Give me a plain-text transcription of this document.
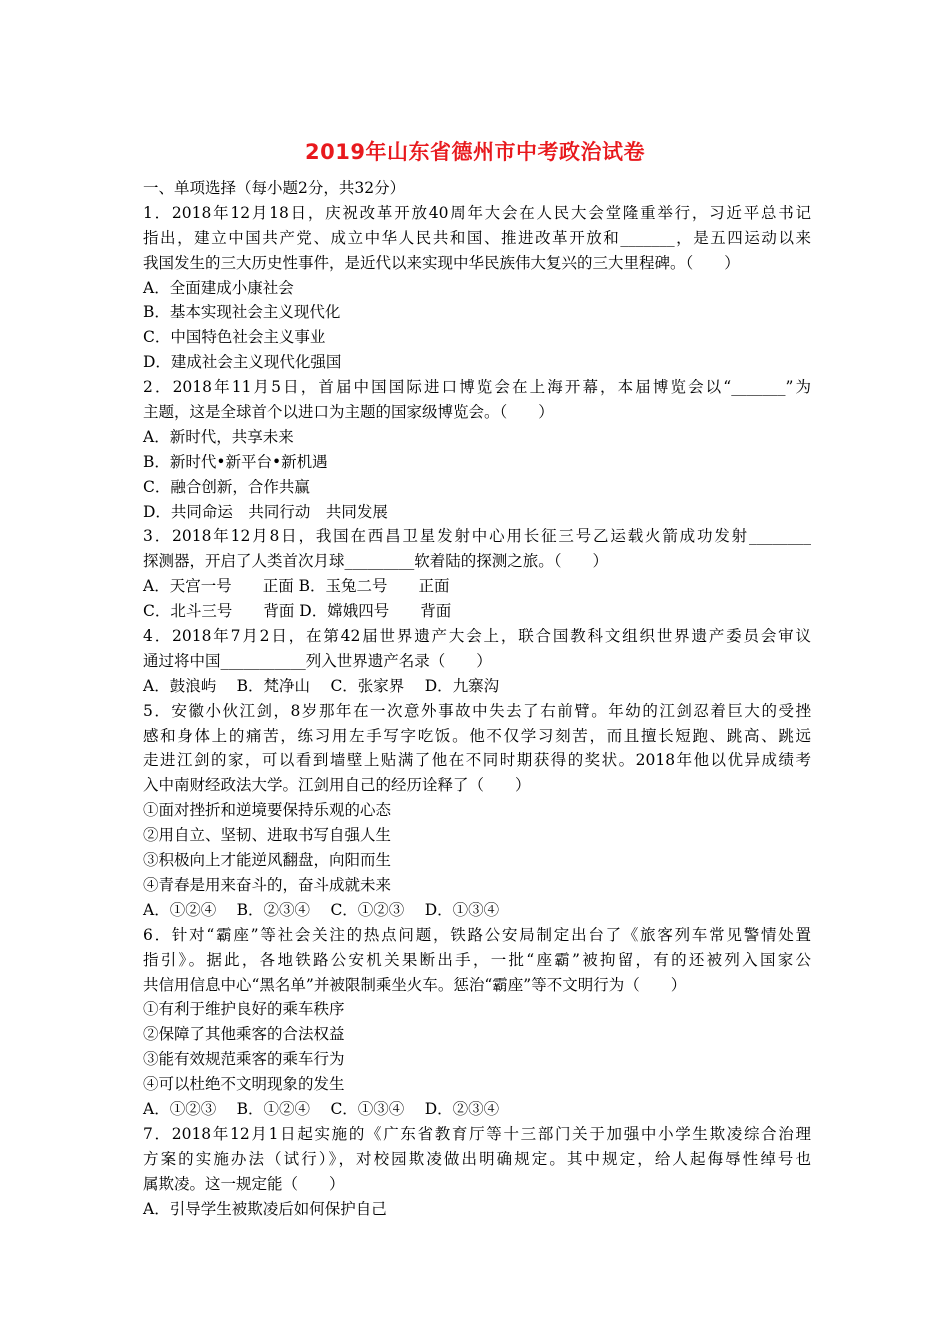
2019年山东省德州市中考政治试卷
一、单项选择（每小题2分，共32分）
1．2018年12月18日，庆祝改革开放40周年大会在人民大会堂隆重举行，习近平总书记
指出，建立中国共产党、成立中华人民共和国、推进改革开放和_______，是五四运动以来
我国发生的三大历史性事件，是近代以来实现中华民族伟大复兴的三大里程碑。（　　）
A．全面建成小康社会
B．基本实现社会主义现代化
C．中国特色社会主义事业
D．建成社会主义现代化强国
2．2018年11月5日，首届中国国际进口博览会在上海开幕，本届博览会以“_______”为
主题，这是全球首个以进口为主题的国家级博览会。（　　）
A．新时代，共享未来
B．新时代•新平台•新机遇
C．融合创新，合作共赢
D．共同命运　共同行动　共同发展
3．2018年12月8日，我国在西昌卫星发射中心用长征三号乙运载火箭成功发射________
探测器，开启了人类首次月球_________软着陆的探测之旅。（　　）
A．天宫一号　　正面 B．玉兔二号　　正面
C．北斗三号　　背面 D．嫦娥四号　　背面
4．2018年7月2日，在第42届世界遗产大会上，联合国教科文组织世界遗产委员会审议
通过将中国___________列入世界遗产名录（　　）
A．鼓浪屿　 B．梵净山　 C．张家界　 D．九寨沟
5．安徽小伙江剑，8岁那年在一次意外事故中失去了右前臂。年幼的江剑忍着巨大的受挫
感和身体上的痛苦，练习用左手写字吃饭。他不仅学习刻苦，而且擅长短跑、跳高、跳远
走进江剑的家，可以看到墙壁上贴满了他在不同时期获得的奖状。2018年他以优异成绩考
入中南财经政法大学。江剑用自己的经历诠释了（　　）
①面对挫折和逆境要保持乐观的心态
②用自立、坚韧、进取书写自强人生
③积极向上才能逆风翻盘，向阳而生
④青春是用来奋斗的，奋斗成就未来
A．①②④　 B．②③④　 C．①②③　 D．①③④
6．针对“霸座”等社会关注的热点问题，铁路公安局制定出台了《旅客列车常见警情处置
指引》。据此，各地铁路公安机关果断出手，一批“座霸”被拘留，有的还被列入国家公
共信用信息中心“黑名单”并被限制乘坐火车。惩治“霸座”等不文明行为（　　）
①有利于维护良好的乘车秩序
②保障了其他乘客的合法权益
③能有效规范乘客的乘车行为
④可以杜绝不文明现象的发生
A．①②③　 B．①②④　 C．①③④　 D．②③④
7．2018年12月1日起实施的《广东省教育厅等十三部门关于加强中小学生欺凌综合治理
方案的实施办法（试行）》，对校园欺凌做出明确规定。其中规定，给人起侮辱性绰号也
属欺凌。这一规定能（　　）
A．引导学生被欺凌后如何保护自己
